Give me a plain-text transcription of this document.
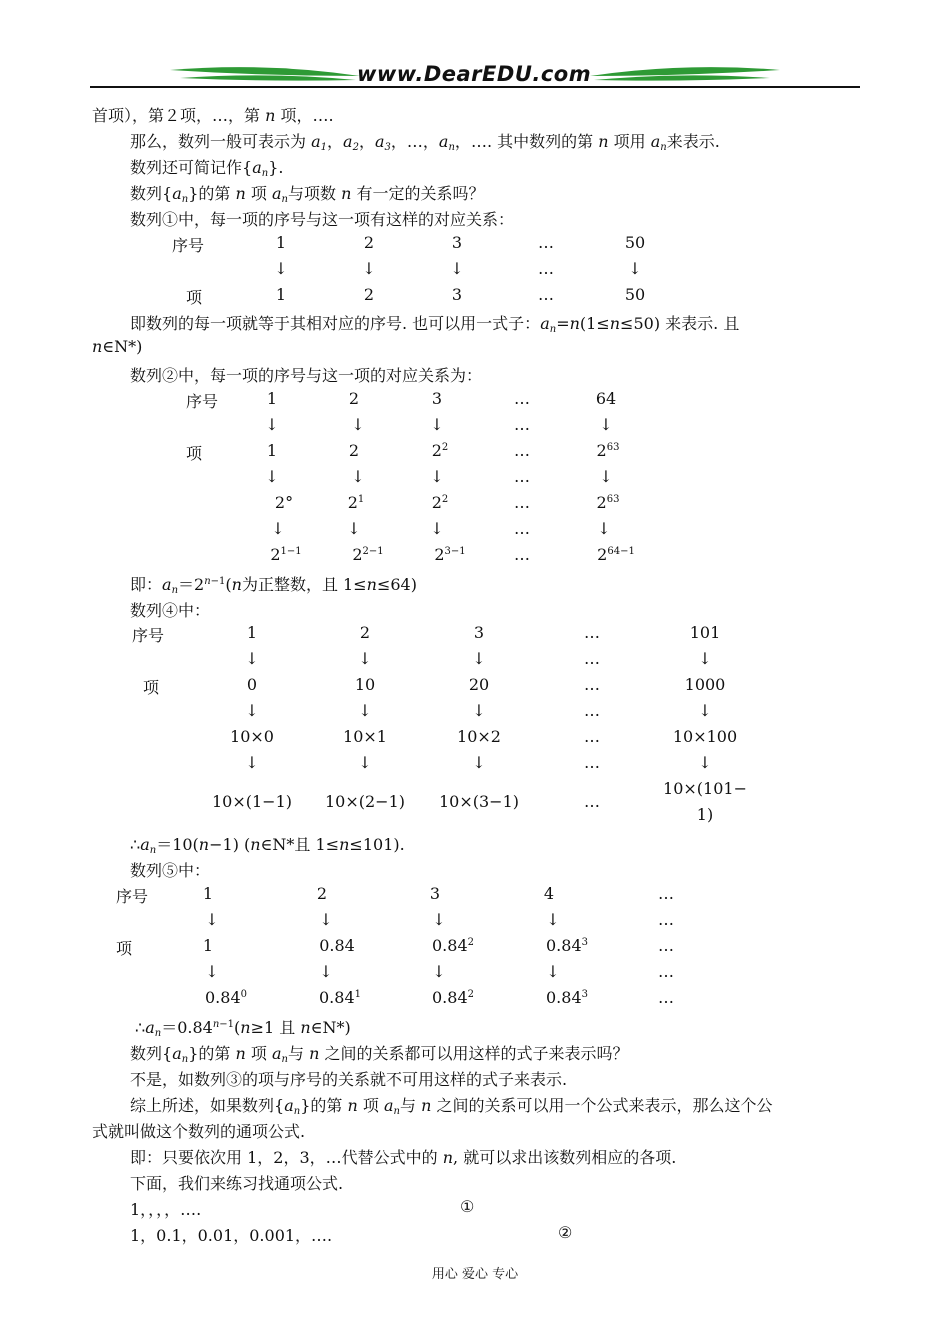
www.DearEDU.com
首项），第２项，…，第 n 项，….
那么，数列一般可表示为 $a_1$，$a_2$，$a_3$，…，$a_n$，…. 其中数列的第 n 项用 $a_n$来表示.
数列还可简记作$\{a_n\}$.
数列$\{a_n\}$的第 n 项 $a_n$与项数 n 有一定的关系吗？
数列①中，每一项的序号与这一项有这样的对应关系：
序号	1	2	3	…	50
↓	↓	↓	…	↓
项	1	2	3	…	50
即数列的每一项就等于其相对应的序号. 也可以用一式子：$a_n=n(1\le n\le 50)$ 来表示. 且
n∈N*)
数列②中，每一项的序号与这一项的对应关系为：
序号	1	2	3	…	64
↓	↓	↓	…	↓
项	1	2	$2^2$	…	$2^{63}$
↓	↓	↓	…	↓
2°	$2^1$	$2^2$	…	$2^{63}$
↓	↓	↓	…	↓
$2^{1-1}$	$2^{2-1}$	$2^{3-1}$	…	$2^{64-1}$
即：$a_n=2^{n-1}(n$为正整数，且 1≤n≤64)
数列④中：
序号	1	2	3	…	101
↓	↓	↓	…	↓
项	0	10	20	…	1000
↓	↓	↓	…	↓
10×0	10×1	10×2	…	10×100
↓	↓	↓	…	↓
10×(1−1) 10×(2−1) 10×(3−1)	…
10×(101−
1)
$\therefore a_n=10(n-1)$ (n∈N*且 1≤n≤101).
数列⑤中：
序号	1	2	3	4	…
↓	↓	↓	↓	…
项	1	0.84	0.84$^2$	0.84$^3$	…
↓	↓	↓	↓	…
0.84$^0$	0.84$^1$	0.84$^2$	0.84$^3$	…
$\therefore a_n=0.84^{n-1}(n\ge 1$ 且 n∈N*)
数列$\{a_n\}$的第 n 项 $a_n$与 n 之间的关系都可以用这样的式子来表示吗？
不是，如数列③的项与序号的关系就不可用这样的式子来表示.
综上所述，如果数列$\{a_n\}$的第 n 项 $a_n$与 n 之间的关系可以用一个公式来表示，那么这个公
式就叫做这个数列的通项公式.
即：只要依次用 1，2，3，…代替公式中的 n, 就可以求出该数列相应的各项.
下面，我们来练习找通项公式.
1，，，，….	①
1，0.1，0.01，0.001，….	②
用心 爱心 专心
